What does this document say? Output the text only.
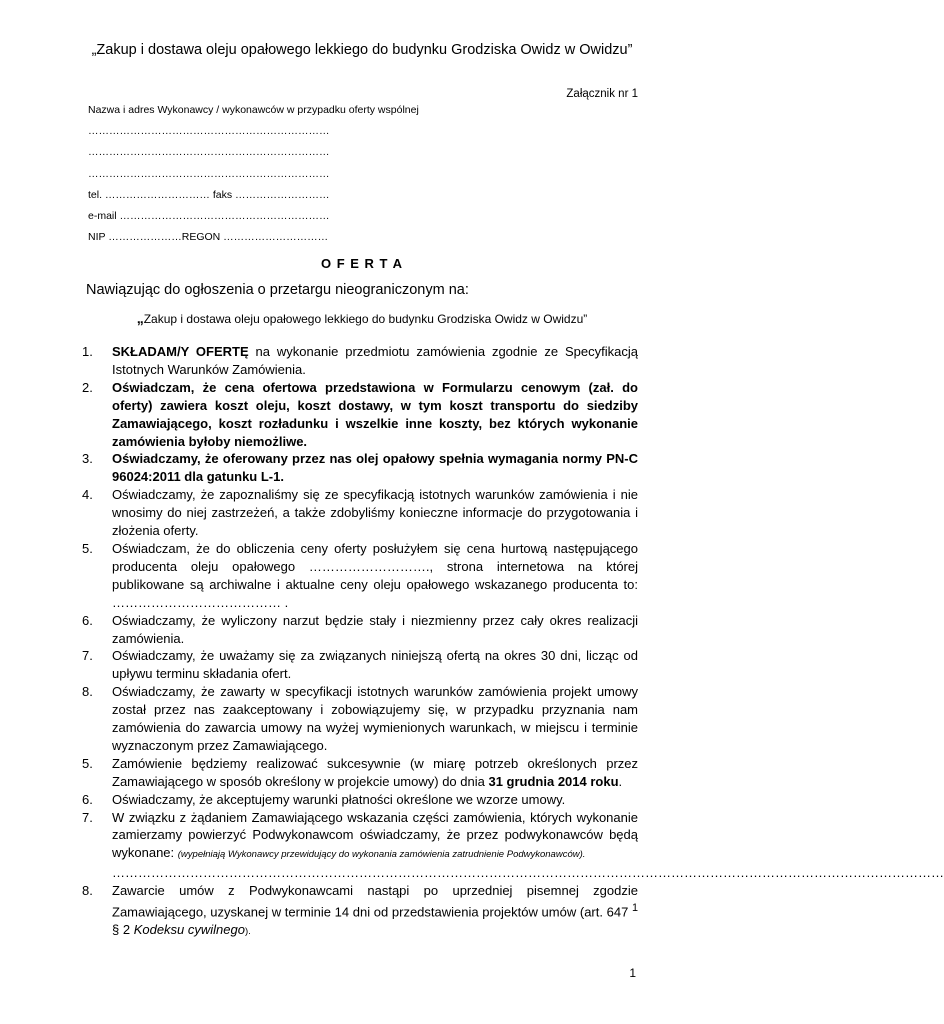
„Zakup i dostawa oleju opałowego lekkiego do budynku Grodziska Owidz w Owidzu”
Załącznik nr 1
Nazwa i adres Wykonawcy / wykonawców w przypadku oferty wspólnej
……………………………………………………………
……………………………………………………………
……………………………………………………………
tel. ………………………… faks ………………………
e-mail ……………………………………………………
NIP …………………REGON …………………………
O F E R T A
Nawiązując do ogłoszenia o przetargu nieograniczonym na:
„Zakup i dostawa oleju opałowego lekkiego do budynku Grodziska Owidz w Owidzu”
1. SKŁADAM/Y OFERTĘ na wykonanie przedmiotu zamówienia zgodnie ze Specyfikacją Istotnych Warunków Zamówienia.
2. Oświadczam, że cena ofertowa przedstawiona w Formularzu cenowym (zał. do oferty) zawiera koszt oleju, koszt dostawy, w tym koszt transportu do siedziby Zamawiającego, koszt rozładunku i wszelkie inne koszty, bez których wykonanie zamówienia byłoby niemożliwe.
3. Oświadczamy, że oferowany przez nas olej opałowy spełnia wymagania normy PN-C 96024:2011 dla gatunku L-1.
4. Oświadczamy, że zapoznaliśmy się ze specyfikacją istotnych warunków zamówienia i nie wnosimy do niej zastrzeżeń, a także zdobyliśmy konieczne informacje do przygotowania i złożenia oferty.
5. Oświadczam, że do obliczenia ceny oferty posłużyłem się cena hurtową następującego producenta oleju opałowego ………………………., strona internetowa na której publikowane są archiwalne i aktualne ceny oleju opałowego wskazanego producenta to: ………………………………… .
6. Oświadczamy, że wyliczony narzut będzie stały i niezmienny przez cały okres realizacji zamówienia.
7. Oświadczamy, że uważamy się za związanych niniejszą ofertą na okres 30 dni, licząc od upływu terminu składania ofert.
8. Oświadczamy, że zawarty w specyfikacji istotnych warunków zamówienia projekt umowy został przez nas zaakceptowany i zobowiązujemy się, w przypadku przyznania nam zamówienia do zawarcia umowy na wyżej wymienionych warunkach, w miejscu i terminie wyznaczonym przez Zamawiającego.
5. Zamówienie będziemy realizować sukcesywnie (w miarę potrzeb określonych przez Zamawiającego w sposób określony w projekcie umowy) do dnia 31 grudnia 2014 roku.
6. Oświadczamy, że akceptujemy warunki płatności określone we wzorze umowy.
7. W związku z żądaniem Zamawiającego wskazania części zamówienia, których wykonanie zamierzamy powierzyć Podwykonawcom oświadczamy, że przez podwykonawców będą wykonane: (wypełniają Wykonawcy przewidujący do wykonania zamówienia zatrudnienie Podwykonawców).
…………………………………………………………………………………………………………………………………………………………………………
8. Zawarcie umów z Podwykonawcami nastąpi po uprzedniej pisemnej zgodzie Zamawiającego, uzyskanej w terminie 14 dni od przedstawienia projektów umów (art. 647 $^1$ § 2 Kodeksu cywilnego).
1
